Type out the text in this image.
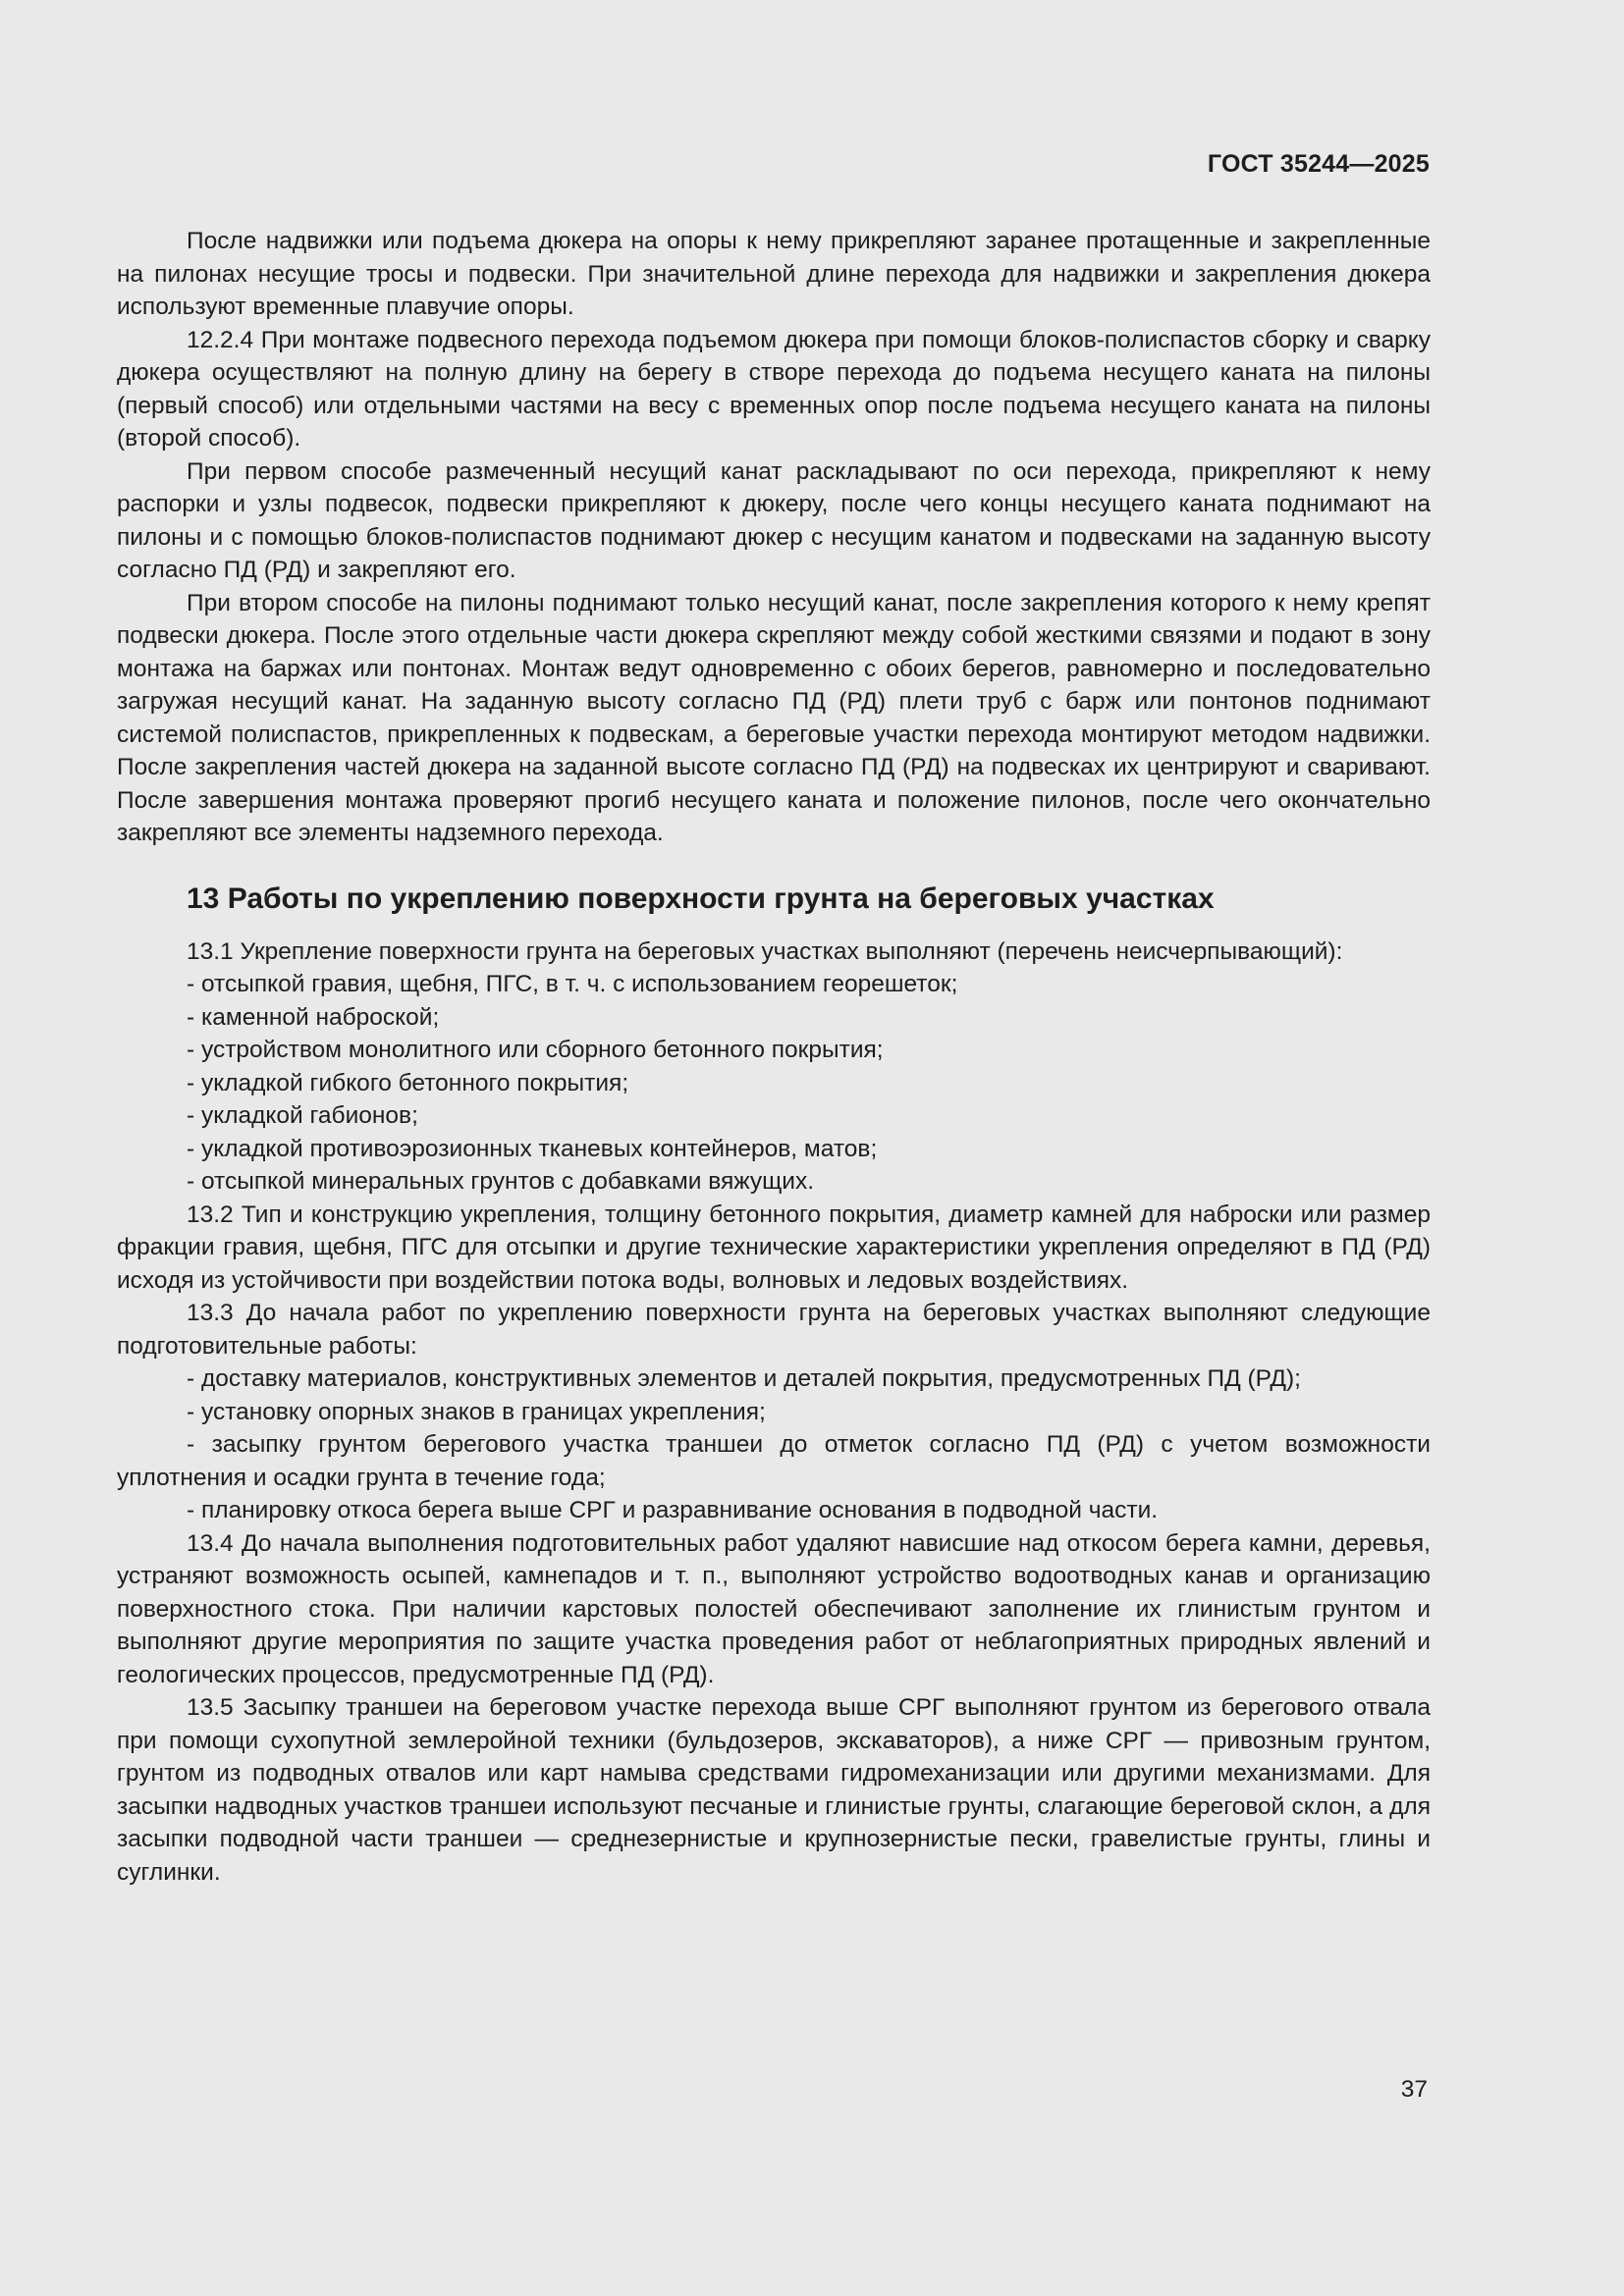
ГОСТ 35244—2025

После надвижки или подъема дюкера на опоры к нему прикрепляют заранее протащенные и закрепленные на пилонах несущие тросы и подвески. При значительной длине перехода для надвижки и закрепления дюкера используют временные плавучие опоры.

12.2.4 При монтаже подвесного перехода подъемом дюкера при помощи блоков-полиспастов сборку и сварку дюкера осуществляют на полную длину на берегу в створе перехода до подъема несущего каната на пилоны (первый способ) или отдельными частями на весу с временных опор после подъема несущего каната на пилоны (второй способ).

При первом способе размеченный несущий канат раскладывают по оси перехода, прикрепляют к нему распорки и узлы подвесок, подвески прикрепляют к дюкеру, после чего концы несущего каната поднимают на пилоны и с помощью блоков-полиспастов поднимают дюкер с несущим канатом и подвесками на заданную высоту согласно ПД (РД) и закрепляют его.

При втором способе на пилоны поднимают только несущий канат, после закрепления которого к нему крепят подвески дюкера. После этого отдельные части дюкера скрепляют между собой жесткими связями и подают в зону монтажа на баржах или понтонах. Монтаж ведут одновременно с обоих берегов, равномерно и последовательно загружая несущий канат. На заданную высоту согласно ПД (РД) плети труб с барж или понтонов поднимают системой полиспастов, прикрепленных к подвескам, а береговые участки перехода монтируют методом надвижки. После закрепления частей дюкера на заданной высоте согласно ПД (РД) на подвесках их центрируют и сваривают. После завершения монтажа проверяют прогиб несущего каната и положение пилонов, после чего окончательно закрепляют все элементы надземного перехода.

13 Работы по укреплению поверхности грунта на береговых участках

13.1 Укрепление поверхности грунта на береговых участках выполняют (перечень неисчерпывающий):

- отсыпкой гравия, щебня, ПГС, в т. ч. с использованием георешеток;

- каменной наброской;

- устройством монолитного или сборного бетонного покрытия;

- укладкой гибкого бетонного покрытия;

- укладкой габионов;

- укладкой противоэрозионных тканевых контейнеров, матов;

- отсыпкой минеральных грунтов с добавками вяжущих.

13.2 Тип и конструкцию укрепления, толщину бетонного покрытия, диаметр камней для наброски или размер фракции гравия, щебня, ПГС для отсыпки и другие технические характеристики укрепления определяют в ПД (РД) исходя из устойчивости при воздействии потока воды, волновых и ледовых воздействиях.

13.3 До начала работ по укреплению поверхности грунта на береговых участках выполняют следующие подготовительные работы:

- доставку материалов, конструктивных элементов и деталей покрытия, предусмотренных ПД (РД);

- установку опорных знаков в границах укрепления;

- засыпку грунтом берегового участка траншеи до отметок согласно ПД (РД) с учетом возможности уплотнения и осадки грунта в течение года;

- планировку откоса берега выше СРГ и разравнивание основания в подводной части.

13.4 До начала выполнения подготовительных работ удаляют нависшие над откосом берега камни, деревья, устраняют возможность осыпей, камнепадов и т. п., выполняют устройство водоотводных канав и организацию поверхностного стока. При наличии карстовых полостей обеспечивают заполнение их глинистым грунтом и выполняют другие мероприятия по защите участка проведения работ от неблагоприятных природных явлений и геологических процессов, предусмотренные ПД (РД).

13.5 Засыпку траншеи на береговом участке перехода выше СРГ выполняют грунтом из берегового отвала при помощи сухопутной землеройной техники (бульдозеров, экскаваторов), а ниже СРГ — привозным грунтом, грунтом из подводных отвалов или карт намыва средствами гидромеханизации или другими механизмами. Для засыпки надводных участков траншеи используют песчаные и глинистые грунты, слагающие береговой склон, а для засыпки подводной части траншеи — среднезернистые и крупнозернистые пески, гравелистые грунты, глины и суглинки.

37
